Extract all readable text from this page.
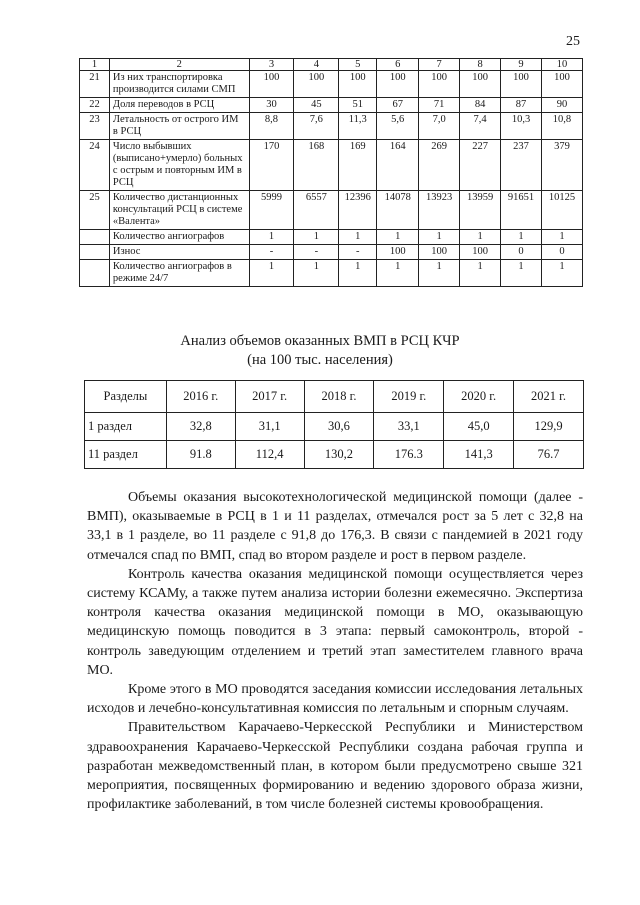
25
1	2	3	4	5	6	7	8	9	10
21	Из них транспортировка производится силами СМП	100	100	100	100	100	100	100	100
22	Доля переводов в РСЦ	30	45	51	67	71	84	87	90
23	Летальность от острого ИМ в РСЦ	8,8	7,6	11,3	5,6	7,0	7,4	10,3	10,8
24	Число выбывших (выписано+умерло) больных с острым и повторным ИМ в РСЦ	170	168	169	164	269	227	237	379
25	Количество дистанционных консультаций РСЦ в системе «Валента»	5999	6557	12396	14078	13923	13959	91651	10125
	Количество ангиографов	1	1	1	1	1	1	1	1
	Износ	-	-	-	100	100	100	0	0
	Количество ангиографов в режиме 24/7	1	1	1	1	1	1	1	1
Анализ объемов оказанных ВМП в РСЦ КЧР
(на 100 тыс. населения)
Разделы	2016 г.	2017 г.	2018 г.	2019 г.	2020 г.	2021 г.
1 раздел	32,8	31,1	30,6	33,1	45,0	129,9
11 раздел	91.8	112,4	130,2	176.3	141,3	76.7

Объемы оказания высокотехнологической медицинской помощи (далее - ВМП), оказываемые в РСЦ в 1 и 11 разделах, отмечался рост за 5 лет с 32,8 на 33,1 в 1 разделе, во 11 разделе с 91,8 до 176,3. В связи с пандемией в 2021 году отмечался спад по ВМП, спад во втором разделе и рост в первом разделе.

Контроль качества оказания медицинской помощи осуществляется через систему КСАМу, а также путем анализа истории болезни ежемесячно. Экспертиза контроля качества оказания медицинской помощи в МО, оказывающую медицинскую помощь поводится в 3 этапа: первый самоконтроль, второй - контроль заведующим отделением и третий этап заместителем главного врача МО.

Кроме этого в МО проводятся заседания комиссии исследования летальных исходов и лечебно-консультативная комиссия по летальным и спорным случаям.

Правительством Карачаево-Черкесской Республики и Министерством здравоохранения Карачаево-Черкесской Республики создана рабочая группа и разработан межведомственный план, в котором были предусмотрено свыше 321 мероприятия, посвященных формированию и ведению здорового образа жизни, профилактике заболеваний, в том числе болезней системы кровообращения.
